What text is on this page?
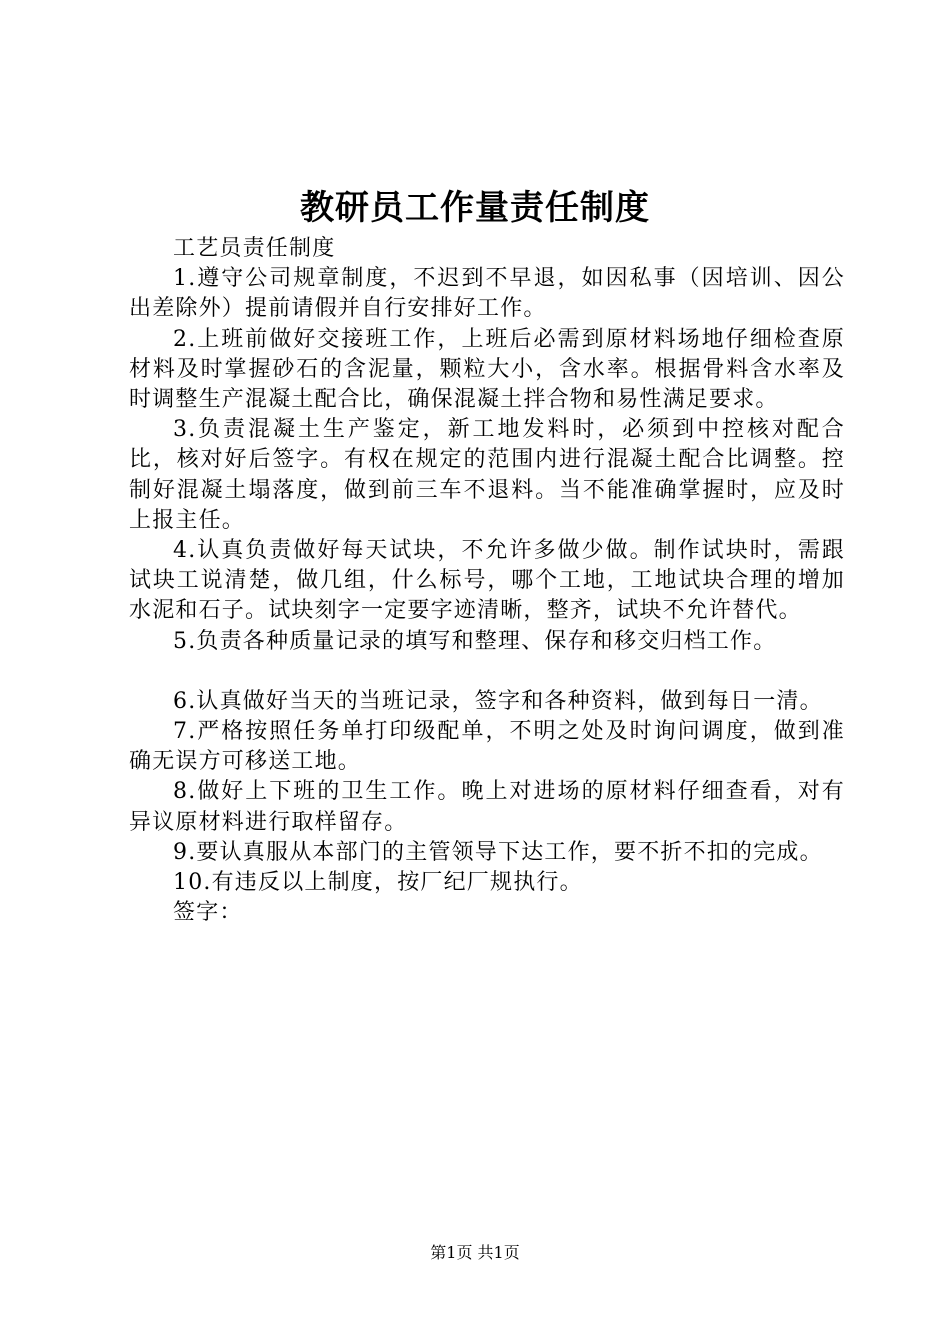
教研员工作量责任制度

工艺员责任制度

1.遵守公司规章制度，不迟到不早退，如因私事（因培训、因公出差除外）提前请假并自行安排好工作。

2.上班前做好交接班工作，上班后必需到原材料场地仔细检查原材料及时掌握砂石的含泥量，颗粒大小，含水率。根据骨料含水率及时调整生产混凝土配合比，确保混凝土拌合物和易性满足要求。

3.负责混凝土生产鉴定，新工地发料时，必须到中控核对配合比，核对好后签字。有权在规定的范围内进行混凝土配合比调整。控制好混凝土塌落度，做到前三车不退料。当不能准确掌握时，应及时上报主任。

4.认真负责做好每天试块，不允许多做少做。制作试块时，需跟试块工说清楚，做几组，什么标号，哪个工地，工地试块合理的增加水泥和石子。试块刻字一定要字迹清晰，整齐，试块不允许替代。

5.负责各种质量记录的填写和整理、保存和移交归档工作。

6.认真做好当天的当班记录，签字和各种资料，做到每日一清。

7.严格按照任务单打印级配单，不明之处及时询问调度，做到准确无误方可移送工地。

8.做好上下班的卫生工作。晚上对进场的原材料仔细查看，对有异议原材料进行取样留存。

9.要认真服从本部门的主管领导下达工作，要不折不扣的完成。

10.有违反以上制度，按厂纪厂规执行。

签字：

第1页 共1页
